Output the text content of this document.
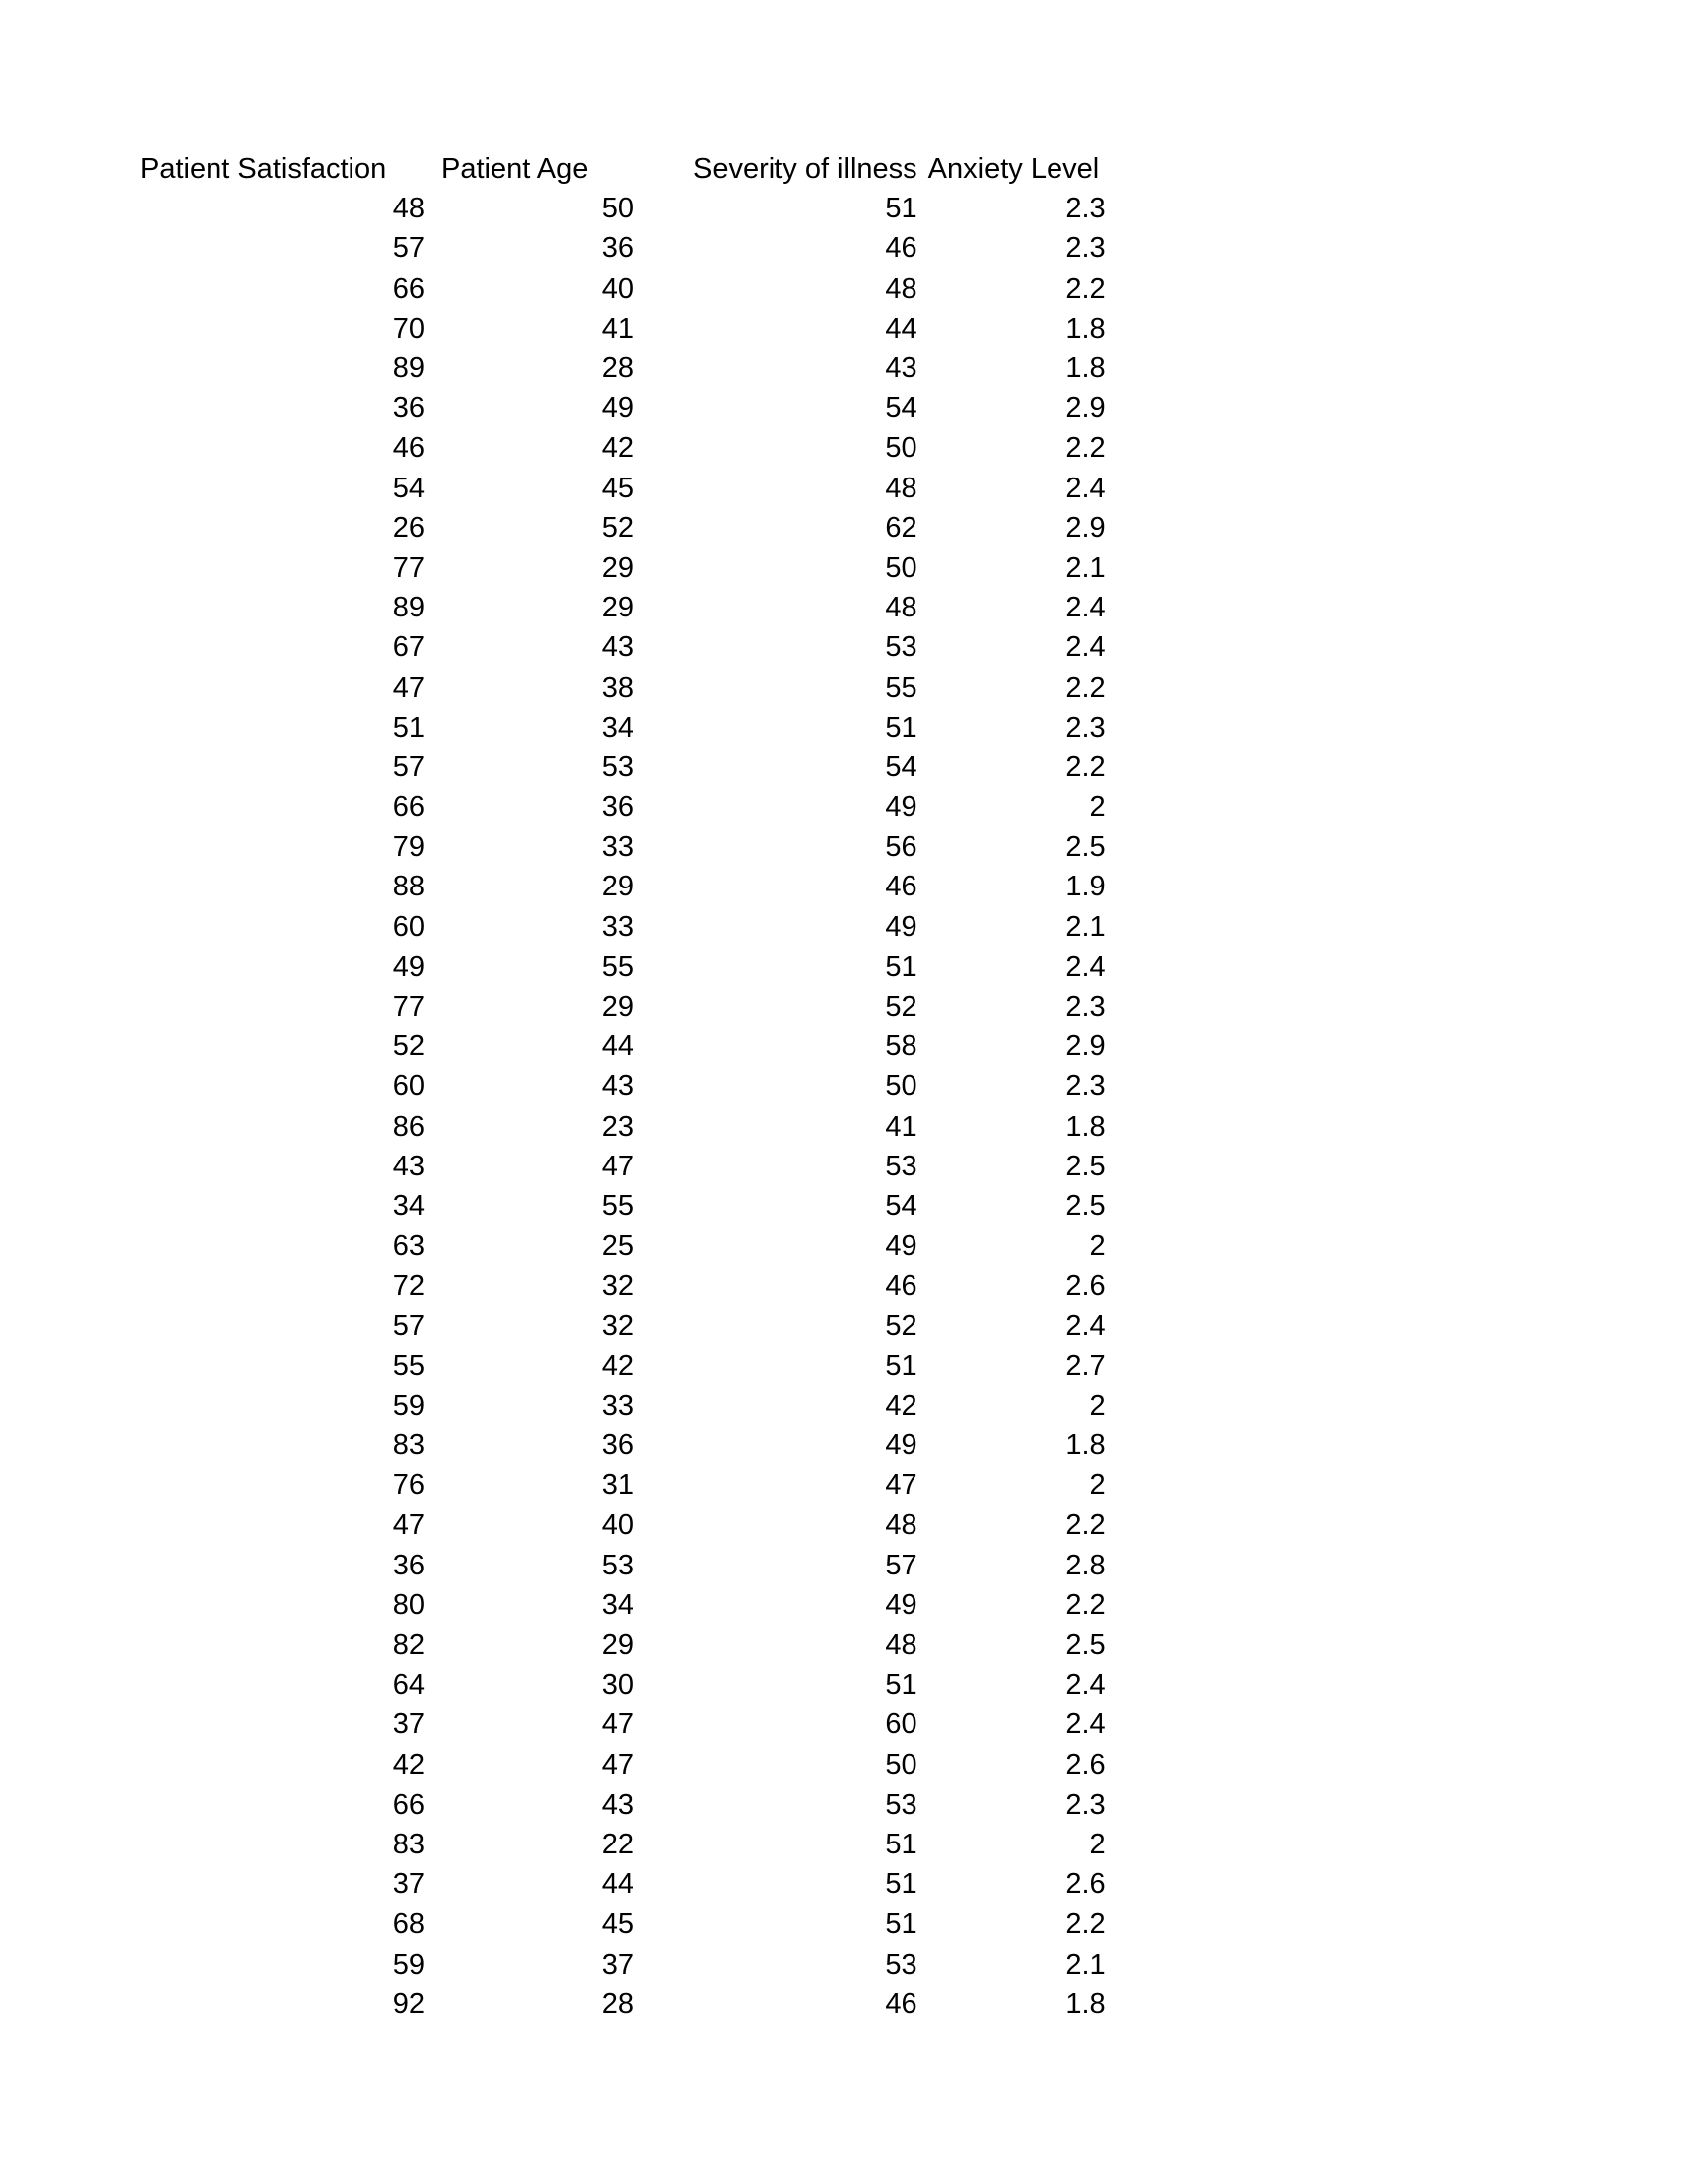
Patient Satisfaction	Patient Age	Severity of illness	Anxiety Level
48	50	51	2.3
57	36	46	2.3
66	40	48	2.2
70	41	44	1.8
89	28	43	1.8
36	49	54	2.9
46	42	50	2.2
54	45	48	2.4
26	52	62	2.9
77	29	50	2.1
89	29	48	2.4
67	43	53	2.4
47	38	55	2.2
51	34	51	2.3
57	53	54	2.2
66	36	49	2
79	33	56	2.5
88	29	46	1.9
60	33	49	2.1
49	55	51	2.4
77	29	52	2.3
52	44	58	2.9
60	43	50	2.3
86	23	41	1.8
43	47	53	2.5
34	55	54	2.5
63	25	49	2
72	32	46	2.6
57	32	52	2.4
55	42	51	2.7
59	33	42	2
83	36	49	1.8
76	31	47	2
47	40	48	2.2
36	53	57	2.8
80	34	49	2.2
82	29	48	2.5
64	30	51	2.4
37	47	60	2.4
42	47	50	2.6
66	43	53	2.3
83	22	51	2
37	44	51	2.6
68	45	51	2.2
59	37	53	2.1
92	28	46	1.8
